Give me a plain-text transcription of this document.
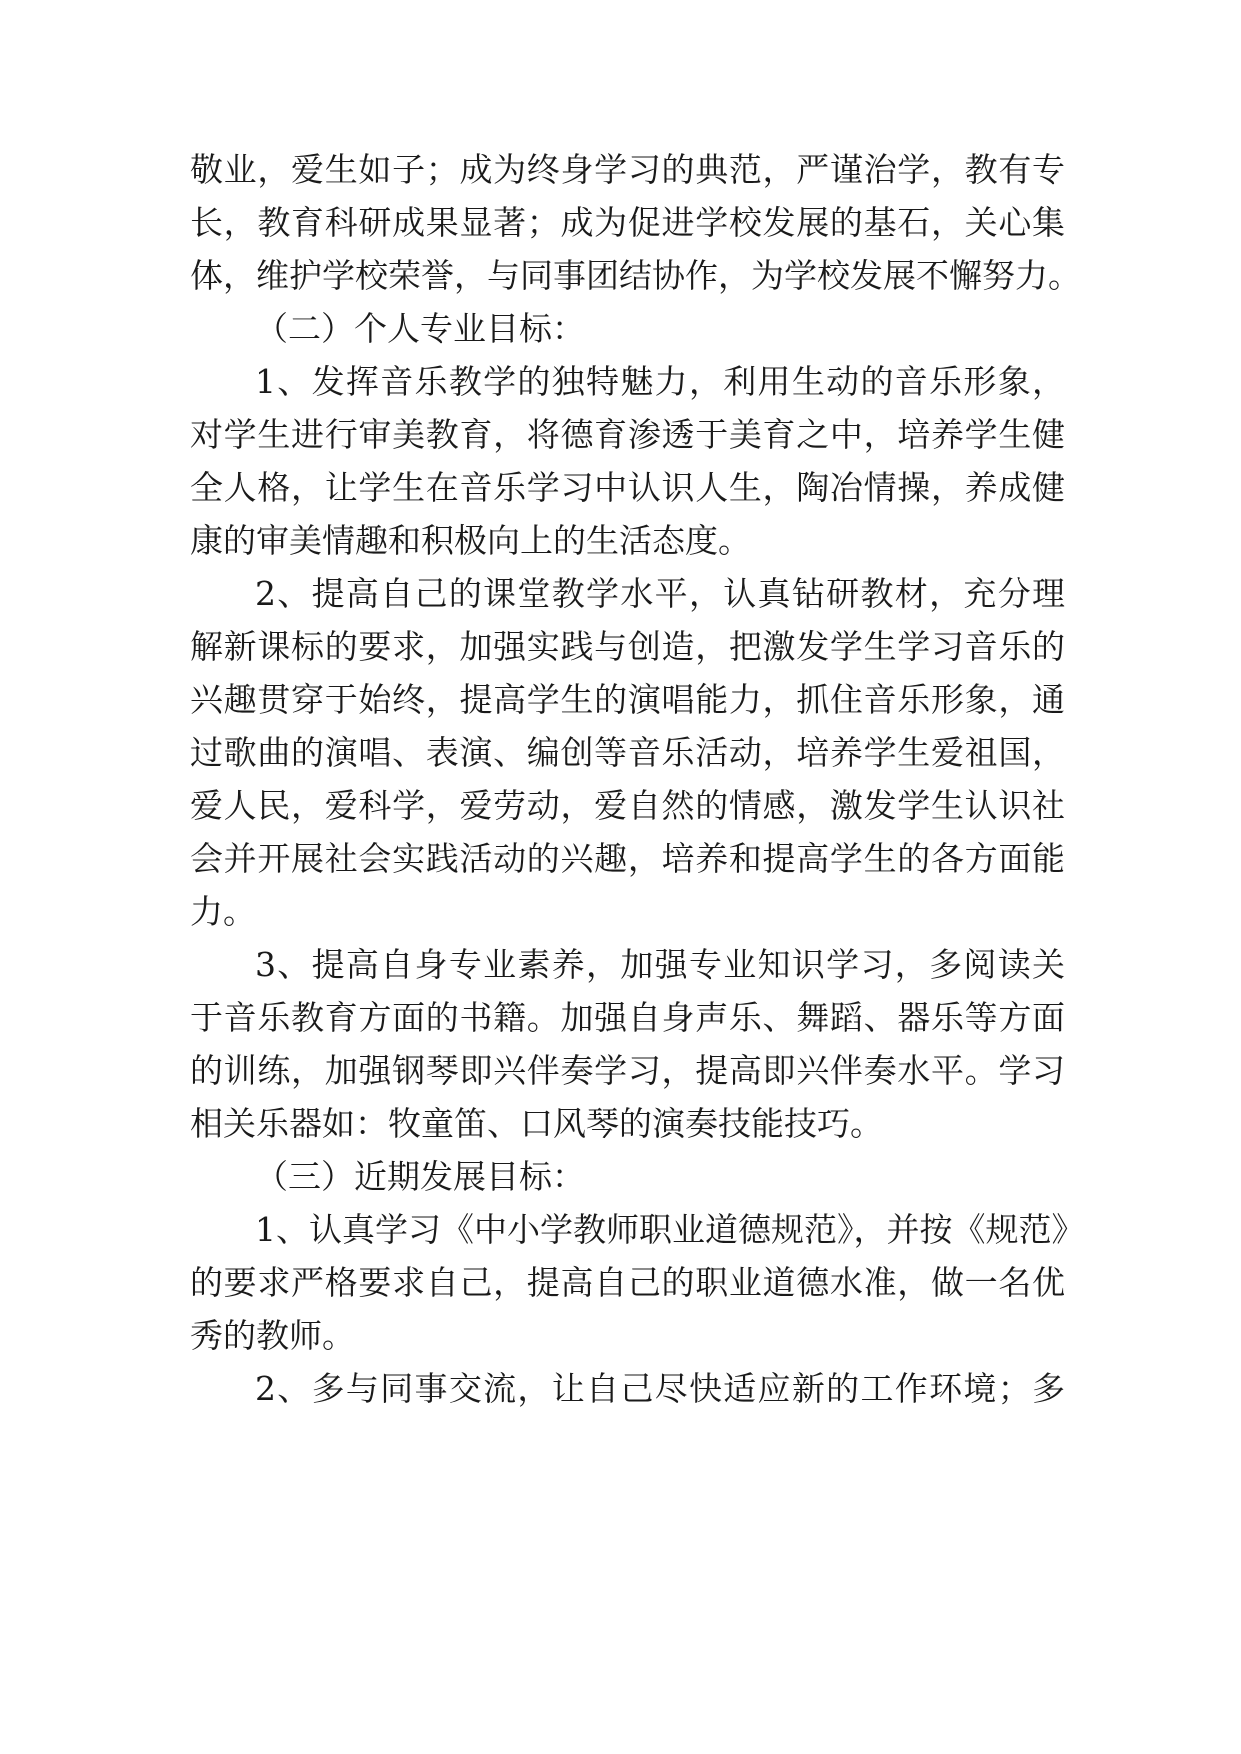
敬业，爱生如子；成为终身学习的典范，严谨治学，教有专
长，教育科研成果显著；成为促进学校发展的基石，关心集
体，维护学校荣誉，与同事团结协作，为学校发展不懈努力。
（二）个人专业目标：
1、发挥音乐教学的独特魅力，利用生动的音乐形象，
对学生进行审美教育，将德育渗透于美育之中，培养学生健
全人格，让学生在音乐学习中认识人生，陶冶情操，养成健
康的审美情趣和积极向上的生活态度。
2、提高自己的课堂教学水平，认真钻研教材，充分理
解新课标的要求，加强实践与创造，把激发学生学习音乐的
兴趣贯穿于始终，提高学生的演唱能力，抓住音乐形象，通
过歌曲的演唱、表演、编创等音乐活动，培养学生爱祖国，
爱人民，爱科学，爱劳动，爱自然的情感，激发学生认识社
会并开展社会实践活动的兴趣，培养和提高学生的各方面能
力。
3、提高自身专业素养，加强专业知识学习，多阅读关
于音乐教育方面的书籍。加强自身声乐、舞蹈、器乐等方面
的训练，加强钢琴即兴伴奏学习，提高即兴伴奏水平。学习
相关乐器如：牧童笛、口风琴的演奏技能技巧。
（三）近期发展目标：
1、认真学习《中小学教师职业道德规范》，并按《规范》
的要求严格要求自己，提高自己的职业道德水准，做一名优
秀的教师。
2、多与同事交流，让自己尽快适应新的工作环境；多
